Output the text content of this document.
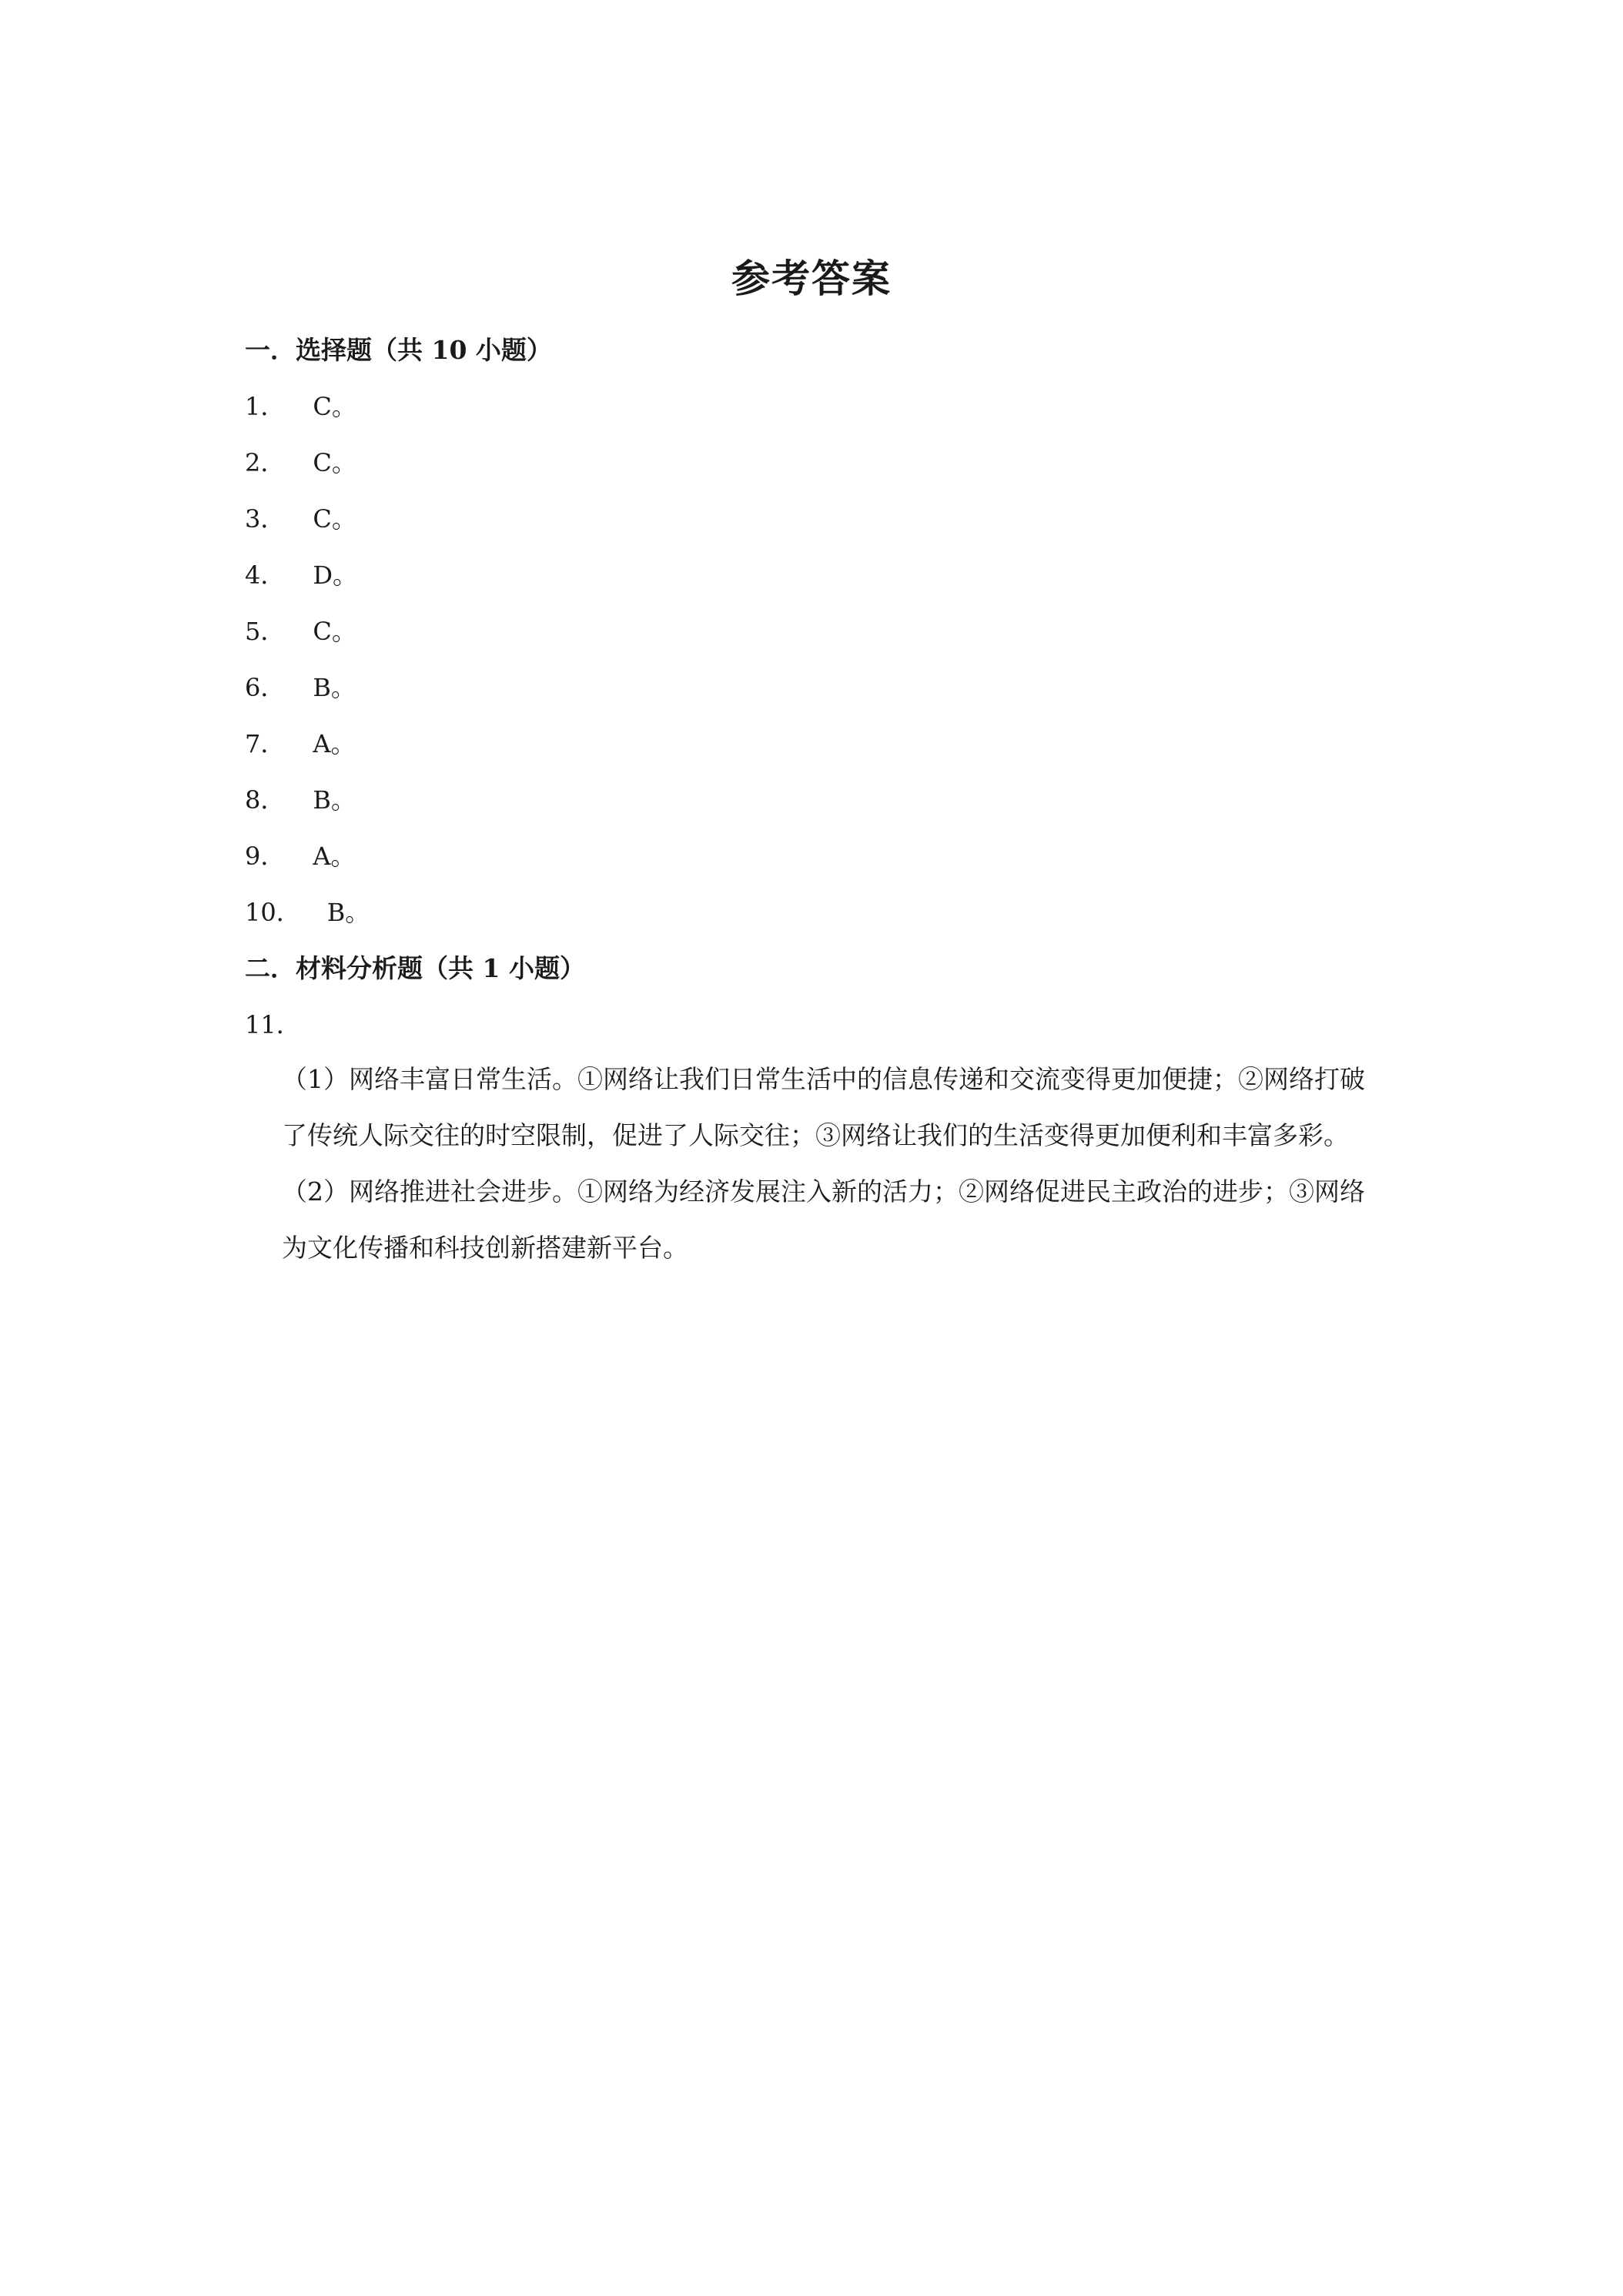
参考答案
一．选择题（共 10 小题）
1． C。
2． C。
3． C。
4． D。
5． C。
6． B。
7． A。
8． B。
9． A。
10． B。
二．材料分析题（共 1 小题）
11．

（1）网络丰富日常生活。①网络让我们日常生活中的信息传递和交流变得更加便捷；②网络打破了传统人际交往的时空限制，促进了人际交往；③网络让我们的生活变得更加便利和丰富多彩。

（2）网络推进社会进步。①网络为经济发展注入新的活力；②网络促进民主政治的进步；③网络为文化传播和科技创新搭建新平台。
